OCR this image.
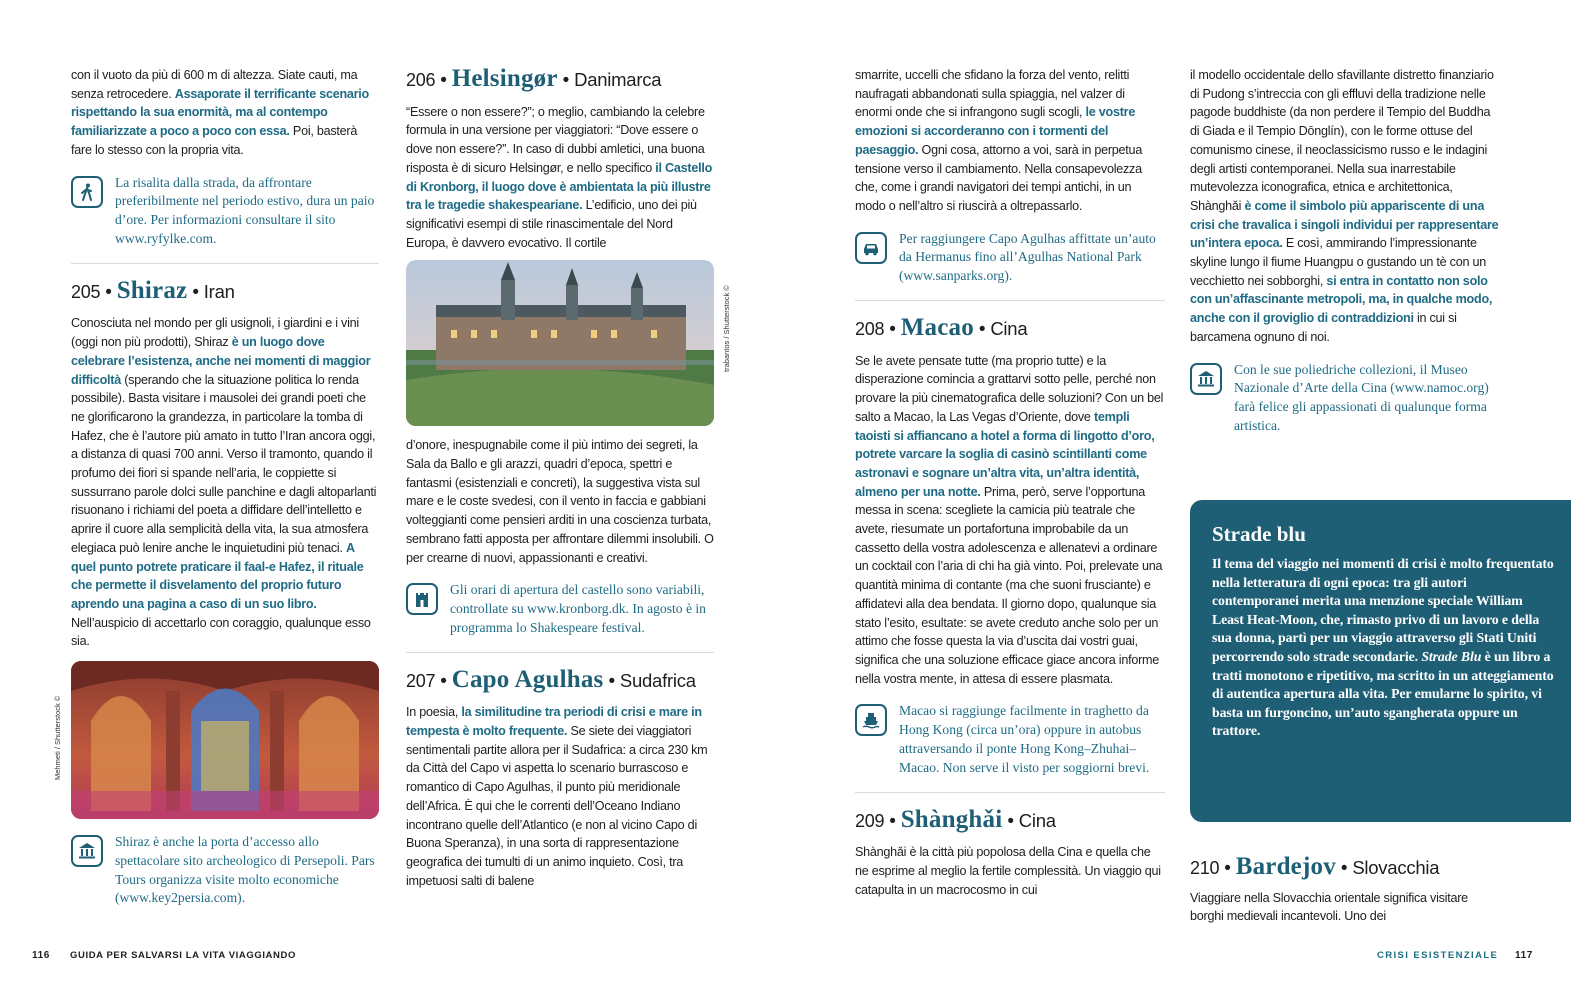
con il vuoto da più di 600 m di altezza. Siate cauti, ma senza retrocedere. Assaporate il terrificante scenario rispettando la sua enormità, ma al contempo familiarizzate a poco a poco con essa. Poi, basterà fare lo stesso con la propria vita.

La risalita dalla strada, da affrontare preferibilmente nel periodo estivo, dura un paio d’ore. Per informazioni consultare il sito www.ryfylke.com.
205 • Shiraz • Iran

Conosciuta nel mondo per gli usignoli, i giardini e i vini (oggi non più prodotti), Shiraz è un luogo dove celebrare l’esistenza, anche nei momenti di maggior difficoltà (sperando che la situazione politica lo renda possibile). Basta visitare i mausolei dei grandi poeti che ne glorificarono la grandezza, in particolare la tomba di Hafez, che è l’autore più amato in tutto l’Iran ancora oggi, a distanza di quasi 700 anni. Verso il tramonto, quando il profumo dei fiori si spande nell’aria, le coppiette si sussurrano parole dolci sulle panchine e dagli altoparlanti risuonano i richiami del poeta a diffidare dell’intelletto e aprire il cuore alla semplicità della vita, la sua atmosfera elegiaca può lenire anche le inquietudini più tenaci. A quel punto potrete praticare il faal-e Hafez, il rituale che permette il disvelamento del proprio futuro aprendo una pagina a caso di un suo libro. Nell’auspicio di accettarlo con coraggio, qualunque esso sia.

Shiraz è anche la porta d’accesso allo spettacolare sito archeologico di Persepoli. Pars Tours organizza visite molto economiche (www.key2persia.com).
Mehmeti / Shutterstock ©
206 • Helsingør • Danimarca

“Essere o non essere?”; o meglio, cambiando la celebre formula in una versione per viaggiatori: “Dove essere o dove non essere?”. In caso di dubbi amletici, una buona risposta è di sicuro Helsingør, e nello specifico il Castello di Kronborg, il luogo dove è ambientata la più illustre tra le tragedie shakespeariane. L’edificio, uno dei più significativi esempi di stile rinascimentale del Nord Europa, è davvero evocativo. Il cortile

d’onore, inespugnabile come il più intimo dei segreti, la Sala da Ballo e gli arazzi, quadri d’epoca, spettri e fantasmi (esistenziali e concreti), la suggestiva vista sul mare e le coste svedesi, con il vento in faccia e gabbiani volteggianti come pensieri arditi in una coscienza turbata, sembrano fatti apposta per affrontare dilemmi insolubili. O per crearne di nuovi, appassionanti e creativi.

Gli orari di apertura del castello sono variabili, controllate su www.kronborg.dk. In agosto è in programma lo Shakespeare festival.
207 • Capo Agulhas • Sudafrica

In poesia, la similitudine tra periodi di crisi e mare in tempesta è molto frequente. Se siete dei viaggiatori sentimentali partite allora per il Sudafrica: a circa 230 km da Città del Capo vi aspetta lo scenario burrascoso e romantico di Capo Agulhas, il punto più meridionale dell’Africa. È qui che le correnti dell’Oceano Indiano incontrano quelle dell’Atlantico (e non al vicino Capo di Buona Speranza), in una sorta di rappresentazione geografica dei tumulti di un animo inquieto. Così, tra impetuosi salti di balene

trabantos / Shutterstock ©

smarrite, uccelli che sfidano la forza del vento, relitti naufragati abbandonati sulla spiaggia, nel valzer di enormi onde che si infrangono sugli scogli, le vostre emozioni si accorderanno con i tormenti del paesaggio. Ogni cosa, attorno a voi, sarà in perpetua tensione verso il cambiamento. Nella consapevolezza che, come i grandi navigatori dei tempi antichi, in un modo o nell’altro si riuscirà a oltrepassarlo.

Per raggiungere Capo Agulhas affittate un’auto da Hermanus fino all’Agulhas National Park (www.sanparks.org).
208 • Macao • Cina

Se le avete pensate tutte (ma proprio tutte) e la disperazione comincia a grattarvi sotto pelle, perché non provare la più cinematografica delle soluzioni? Con un bel salto a Macao, la Las Vegas d’Oriente, dove templi taoisti si affiancano a hotel a forma di lingotto d’oro, potrete varcare la soglia di casinò scintillanti come astronavi e sognare un’altra vita, un’altra identità, almeno per una notte. Prima, però, serve l’opportuna messa in scena: scegliete la camicia più teatrale che avete, riesumate un portafortuna improbabile da un cassetto della vostra adolescenza e allenatevi a ordinare un cocktail con l’aria di chi ha già vinto. Poi, prelevate una quantità minima di contante (ma che suoni frusciante) e affidatevi alla dea bendata. Il giorno dopo, qualunque sia stato l’esito, esultate: se avete creduto anche solo per un attimo che fosse questa la via d’uscita dai vostri guai, significa che una soluzione efficace giace ancora informe nella vostra mente, in attesa di essere plasmata.

Macao si raggiunge facilmente in traghetto da Hong Kong (circa un’ora) oppure in autobus attraversando il ponte Hong Kong–Zhuhai–Macao. Non serve il visto per soggiorni brevi.
209 • Shànghǎi • Cina

Shànghǎi è la città più popolosa della Cina e quella che ne esprime al meglio la fertile complessità. Un viaggio qui catapulta in un macrocosmo in cui

il modello occidentale dello sfavillante distretto finanziario di Pudong s’intreccia con gli effluvi della tradizione nelle pagode buddhiste (da non perdere il Tempio del Buddha di Giada e il Tempio Dōnglín), con le forme ottuse del comunismo cinese, il neoclassicismo russo e le indagini degli artisti contemporanei. Nella sua inarrestabile mutevolezza iconografica, etnica e architettonica, Shànghǎi è come il simbolo più appariscente di una crisi che travalica i singoli individui per rappresentare un’intera epoca. E così, ammirando l’impressionante skyline lungo il fiume Huangpu o gustando un tè con un vecchietto nei sobborghi, si entra in contatto non solo con un’affascinante metropoli, ma, in qualche modo, anche con il groviglio di contraddizioni in cui si barcamena ognuno di noi.

Con le sue poliedriche collezioni, il Museo Nazionale d’Arte della Cina (www.namoc.org) farà felice gli appassionati di qualunque forma artistica.
Strade blu

Il tema del viaggio nei momenti di crisi è molto frequentato nella letteratura di ogni epoca: tra gli autori contemporanei merita una menzione speciale William Least Heat-Moon, che, rimasto privo di un lavoro e della sua donna, partì per un viaggio attraverso gli Stati Uniti percorrendo solo strade secondarie. Strade Blu è un libro a tratti monotono e ripetitivo, ma scritto in un atteggiamento di autentica apertura alla vita. Per emularne lo spirito, vi basta un furgoncino, un’auto sgangherata oppure un trattore.

210 • Bardejov • Slovacchia

Viaggiare nella Slovacchia orientale significa visitare borghi medievali incantevoli. Uno dei

116 GUIDA PER SALVARSI LA VITA VIAGGIANDO	CRISI ESISTENZIALE 117
